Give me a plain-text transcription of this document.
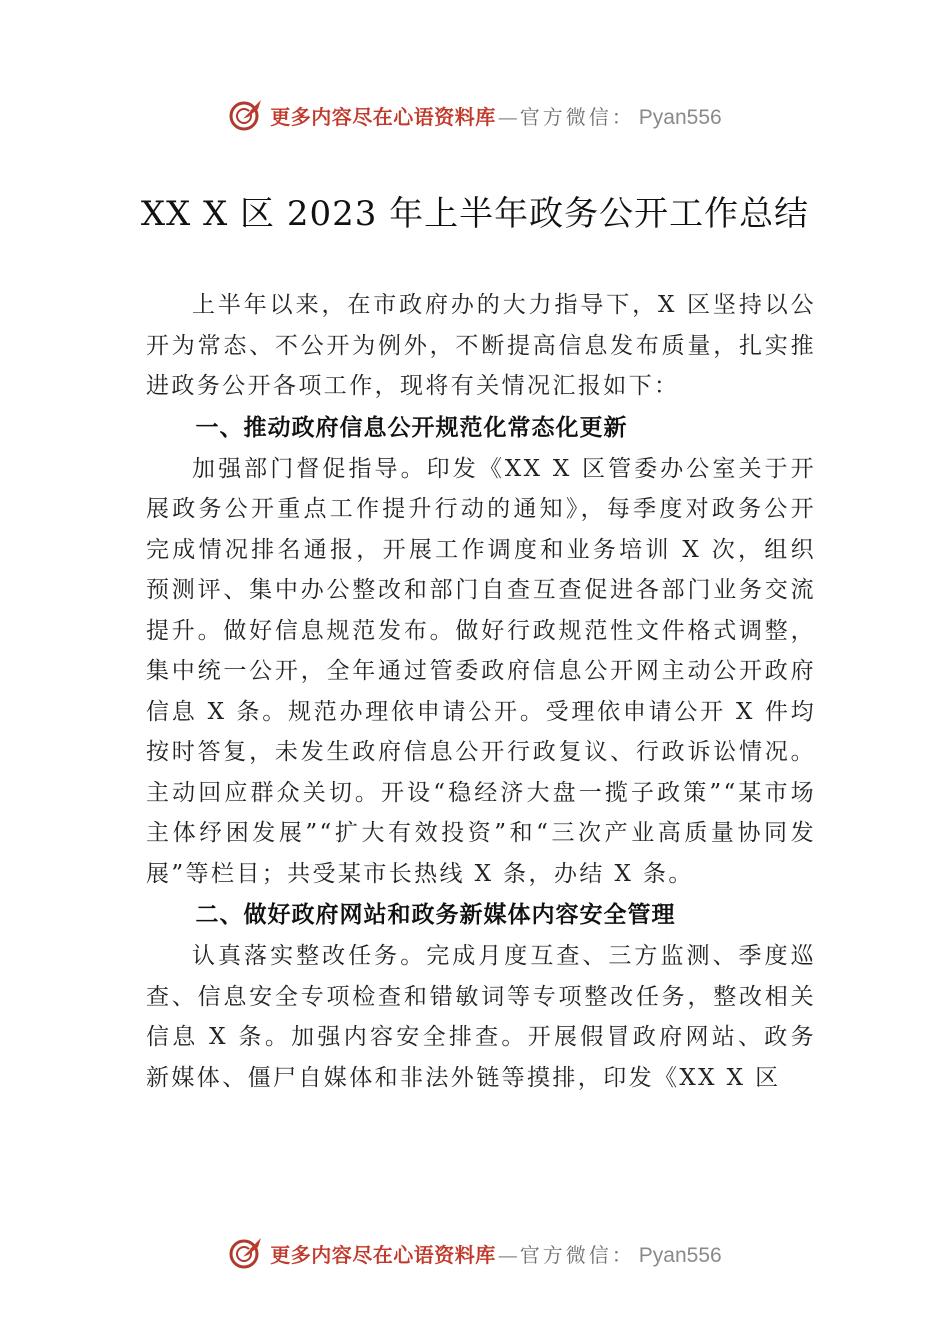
更多内容尽在心语资料库 — 官方微信： Pyan556
XX X 区 2023 年上半年政务公开工作总结

上半年以来，在市政府办的大力指导下，X 区坚持以公开为常态、不公开为例外，不断提高信息发布质量，扎实推进政务公开各项工作，现将有关情况汇报如下：

一、推动政府信息公开规范化常态化更新

加强部门督促指导。印发《XX X 区管委办公室关于开展政务公开重点工作提升行动的通知》，每季度对政务公开完成情况排名通报，开展工作调度和业务培训 X 次，组织预测评、集中办公整改和部门自查互查促进各部门业务交流提升。做好信息规范发布。做好行政规范性文件格式调整， 集中统一公开，全年通过管委政府信息公开网主动公开政府信息 X 条。规范办理依申请公开。受理依申请公开 X 件均按时答复，未发生政府信息公开行政复议、行政诉讼情况。主动回应群众关切。开设“稳经济大盘一揽子政策”“某市场主体纾困发展”“扩大有效投资”和“三次产业高质量协同发展”等栏目；共受某市长热线 X 条，办结 X 条。

二、做好政府网站和政务新媒体内容安全管理

认真落实整改任务。完成月度互查、三方监测、季度巡查、信息安全专项检查和错敏词等专项整改任务，整改相关信息 X 条。加强内容安全排查。开展假冒政府网站、政务新媒体、僵尸自媒体和非法外链等摸排，印发《XX X 区

更多内容尽在心语资料库 — 官方微信： Pyan556
